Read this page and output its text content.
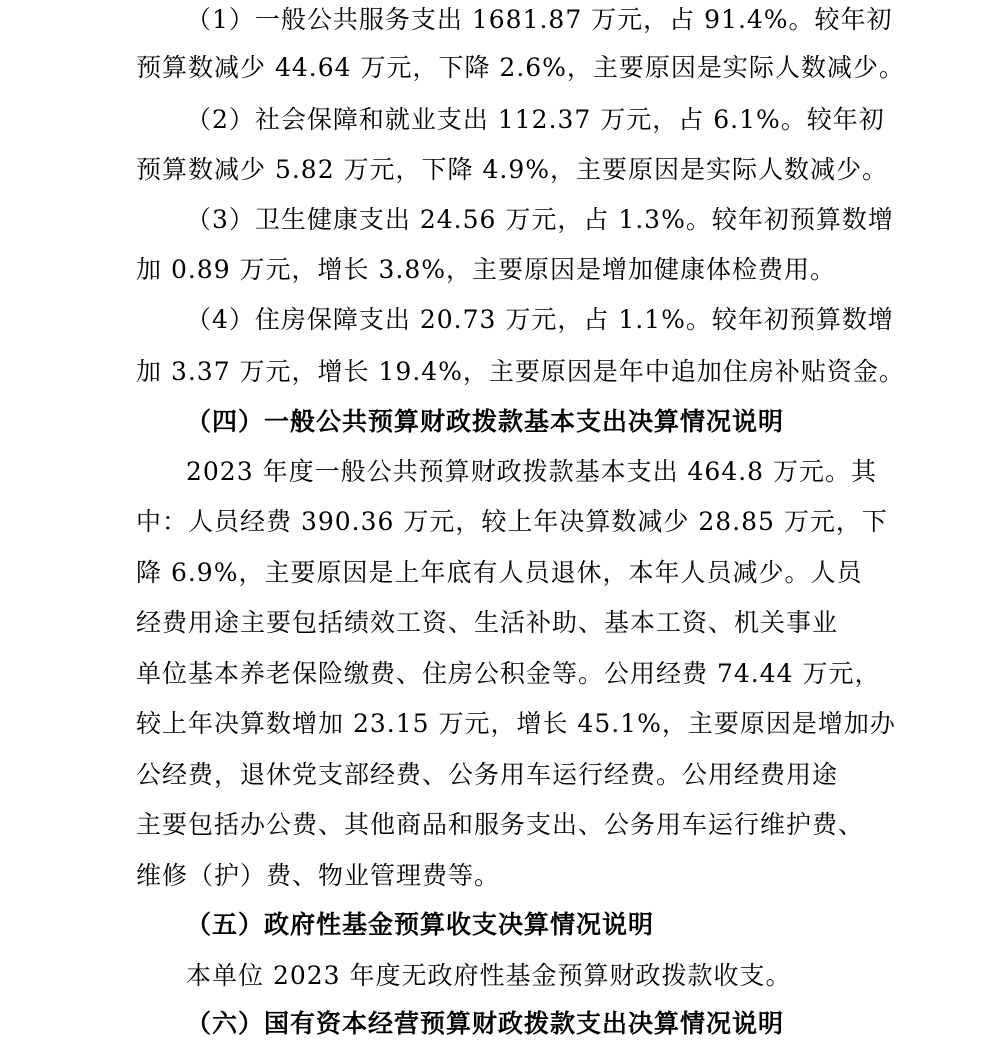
（1）一般公共服务支出 1681.87 万元，占 91.4%。较年初
预算数减少 44.64 万元，下降 2.6%，主要原因是实际人数减少。
（2）社会保障和就业支出 112.37 万元，占 6.1%。较年初
预算数减少 5.82 万元，下降 4.9%，主要原因是实际人数减少。
（3）卫生健康支出 24.56 万元，占 1.3%。较年初预算数增
加 0.89 万元，增长 3.8%，主要原因是增加健康体检费用。
（4）住房保障支出 20.73 万元，占 1.1%。较年初预算数增
加 3.37 万元，增长 19.4%，主要原因是年中追加住房补贴资金。
（四）一般公共预算财政拨款基本支出决算情况说明
2023 年度一般公共预算财政拨款基本支出 464.8 万元。其
中：人员经费 390.36 万元，较上年决算数减少 28.85 万元，下
降 6.9%，主要原因是上年底有人员退休，本年人员减少。人员
经费用途主要包括绩效工资、生活补助、基本工资、机关事业
单位基本养老保险缴费、住房公积金等。公用经费 74.44 万元，
较上年决算数增加 23.15 万元，增长 45.1%，主要原因是增加办
公经费，退休党支部经费、公务用车运行经费。公用经费用途
主要包括办公费、其他商品和服务支出、公务用车运行维护费、
维修（护）费、物业管理费等。
（五）政府性基金预算收支决算情况说明
本单位 2023 年度无政府性基金预算财政拨款收支。
（六）国有资本经营预算财政拨款支出决算情况说明
